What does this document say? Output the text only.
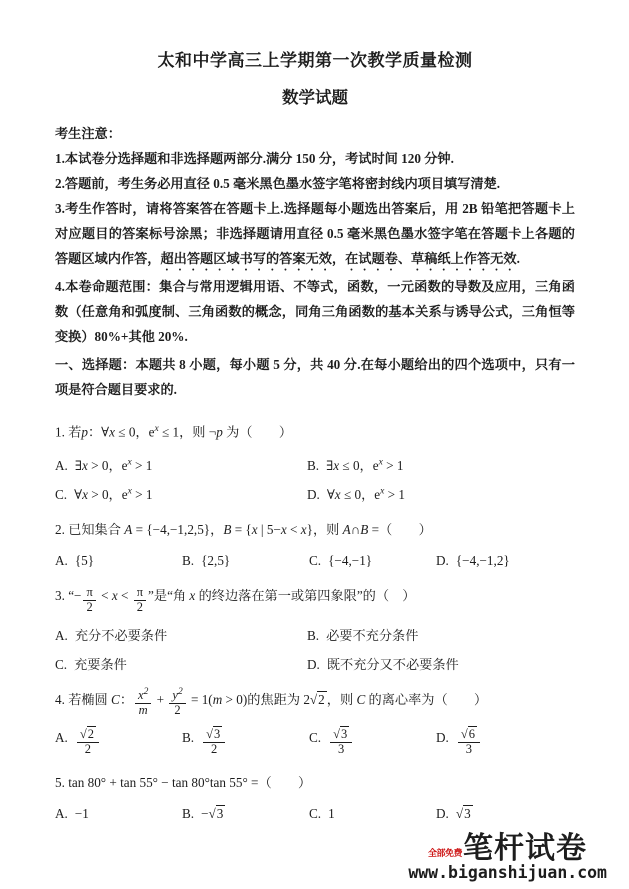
太和中学高三上学期第一次教学质量检测
数学试题

考生注意：

1.本试卷分选择题和非选择题两部分.满分 150 分，考试时间 120 分钟.

2.答题前，考生务必用直径 0.5 毫米黑色墨水签字笔将密封线内项目填写清楚.

3.考生作答时，请将答案答在答题卡上.选择题每小题选出答案后，用 2B 铅笔把答题卡上对应题目的答案标号涂黑；非选择题请用直径 0.5 毫米黑色墨水签字笔在答题卡上各题的答题区域内作答，超出答题区域书写的答案无效，在试题卷、草稿纸上作答无效.

4.本卷命题范围：集合与常用逻辑用语、不等式，函数，一元函数的导数及应用，三角函数（任意角和弧度制、三角函数的概念，同角三角函数的基本关系与诱导公式，三角恒等变换）80%+其他 20%.

一、选择题：本题共 8 小题，每小题 5 分，共 40 分.在每小题给出的四个选项中，只有一项是符合题目要求的.
1. 若p：∀x ≤ 0，$e^x \le 1$，则 ¬p 为（　　）
A. ∃x > 0，$e^x > 1$	B. ∃x ≤ 0，$e^x > 1$
C. ∀x > 0，$e^x > 1$	D. ∀x ≤ 0，$e^x > 1$
2. 已知集合 A = {−4,−1,2,5}，B = {x | 5−x < x}，则 A∩B =（　　）
A. {5}	B. {2,5}	C. {−4,−1}	D. {−4,−1,2}
3. “− $\frac{\pi}{2} < x < \frac{\pi}{2}$ ”是“角 x 的终边落在第一或第四象限”的（　）
A. 充分不必要条件	B. 必要不充分条件
C. 充要条件	D. 既不充分又不必要条件
4. 若椭圆 C： $\frac{x^2}{m} + \frac{y^2}{2} = 1(m > 0)$的焦距为 2√2 ，则 C 的离心率为（　　）
A. $\frac{√2}{2}$	B. $\frac{√3}{2}$	C. $\frac{√3}{3}$	D. $\frac{√6}{3}$
5. tan 80° + tan 55° − tan 80°tan 55° =（　　）
A. −1	B. −√3	C. 1	D. √3
全部免费 笔杆试卷
www.biganshijuan.com
